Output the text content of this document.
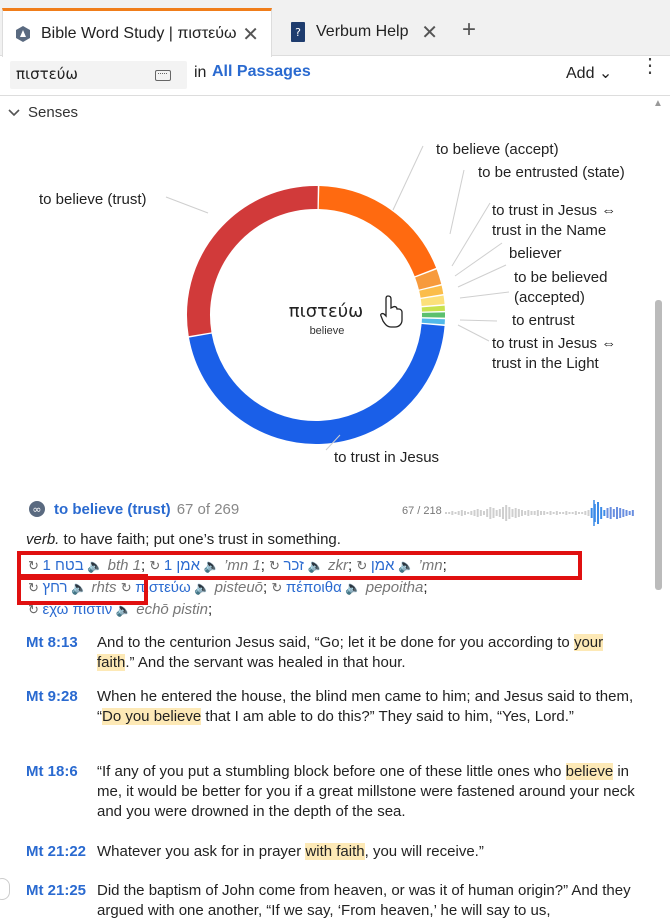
Bible Word Study | πιστεύω ✕	? Verbum Help ✕ +
πιστεύω
in All Passages	Add ⌄ ⋮
Senses
▲
πιστεύω
believe
to believe (trust)
to believe (accept)
to be entrusted (state)
to trust in Jesus ⇔ trust in the Name
believer
to be believed (accepted)
to entrust
to trust in Jesus ⇔ trust in the Light
to trust in Jesus
∞ to believe (trust) 67 of 269	67 / 218
verb. to have faith; put one’s trust in something.
↻ 1 בטח 🔈 bth 1; ↻ 1 אמן 🔈 ’mn 1; ↻ זכר 🔈 zkr; ↻ אמן 🔈 ’mn;
↻ רחץ 🔈 rhts ↻ πιστεύω 🔈 pisteuō; ↻ πέποιθα 🔈 pepoitha;
↻ εχω πιστιν 🔈 echō pistin;
Mt 8:13	And to the centurion Jesus said, “Go; let it be done for you according to your faith.” And the servant was healed in that hour.
Mt 9:28	When he entered the house, the blind men came to him; and Jesus said to them, “Do you believe that I am able to do this?” They said to him, “Yes, Lord.”
Mt 18:6	“If any of you put a stumbling block before one of these little ones who believe in me, it would be better for you if a great millstone were fastened around your neck and you were drowned in the depth of the sea.
Mt 21:22 Whatever you ask for in prayer with faith, you will receive.”
Mt 21:25 Did the baptism of John come from heaven, or was it of human origin?” And they argued with one another, “If we say, ‘From heaven,’ he will say to us,
